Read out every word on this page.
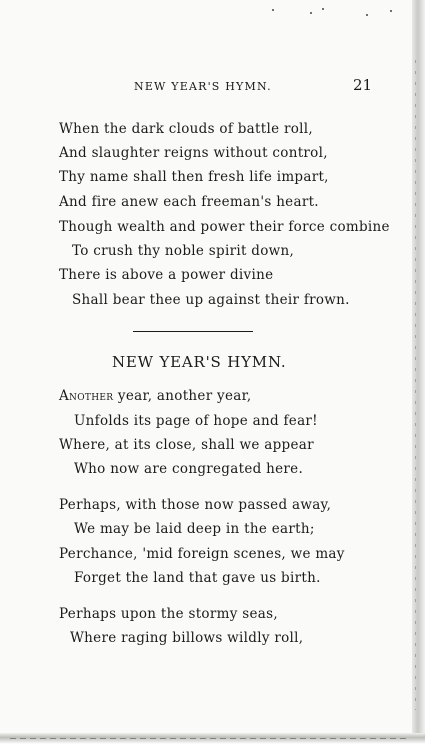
NEW YEAR'S HYMN.	21
When the dark clouds of battle roll,
And slaughter reigns without control,
Thy name shall then fresh life impart,
And fire anew each freeman's heart.
Though wealth and power their force combine
To crush thy noble spirit down,
There is above a power divine
Shall bear thee up against their frown.
NEW YEAR'S HYMN.
Another year, another year,
Unfolds its page of hope and fear!
Where, at its close, shall we appear
Who now are congregated here.
Perhaps, with those now passed away,
We may be laid deep in the earth;
Perchance, 'mid foreign scenes, we may
Forget the land that gave us birth.
Perhaps upon the stormy seas,
Where raging billows wildly roll,
